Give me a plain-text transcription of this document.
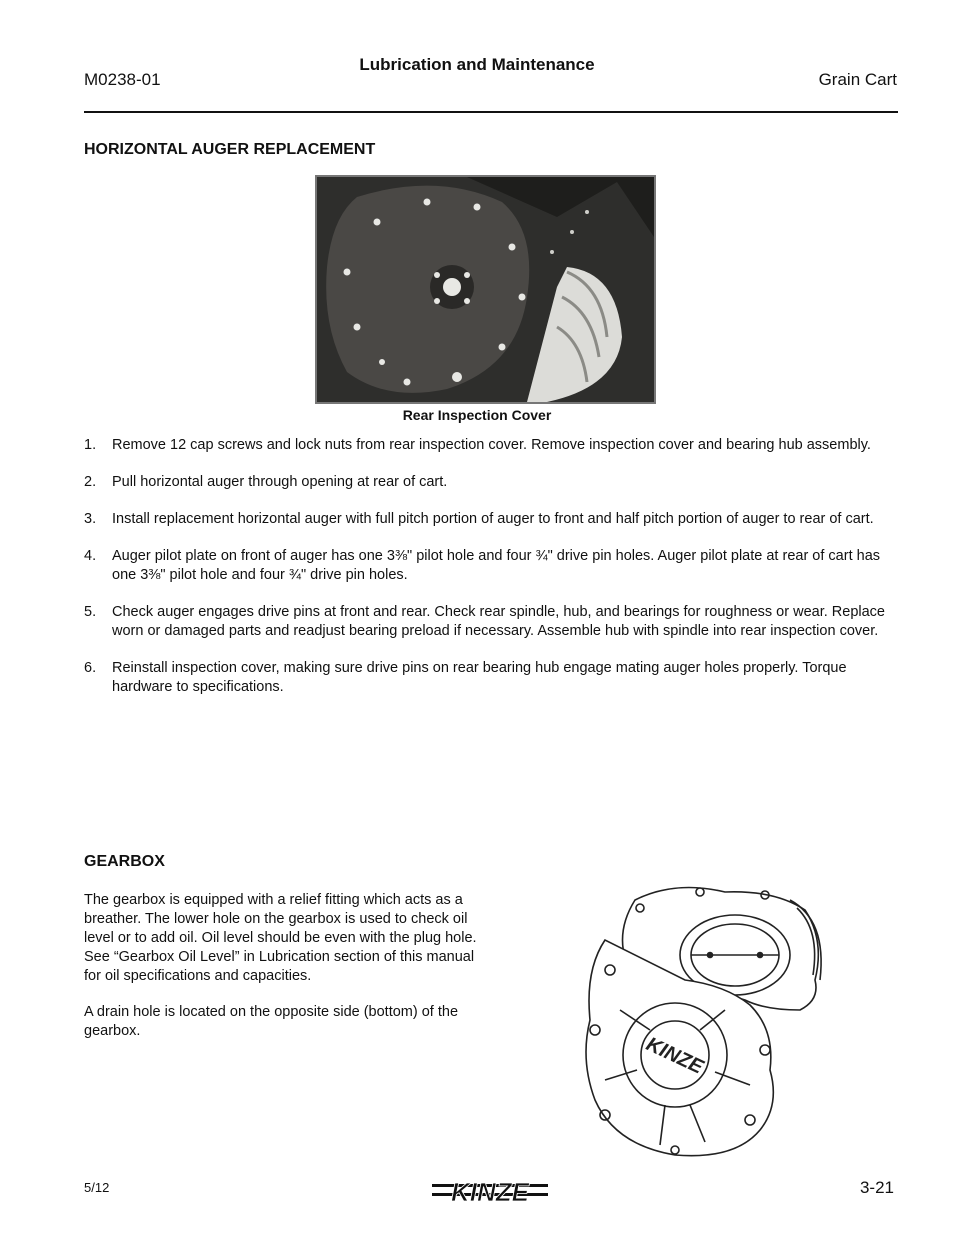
Lubrication and Maintenance
M0238-01	Grain Cart
HORIZONTAL AUGER REPLACEMENT
Rear Inspection Cover
1. Remove 12 cap screws and lock nuts from rear inspection cover. Remove inspection cover and bearing hub assembly.
2. Pull horizontal auger through opening at rear of cart.
3. Install replacement horizontal auger with full pitch portion of auger to front and half pitch portion of auger to rear of cart.
4. Auger pilot plate on front of auger has one 3⅜" pilot hole and four ¾" drive pin holes. Auger pilot plate at rear of cart has one 3⅜" pilot hole and four ¾" drive pin holes.
5. Check auger engages drive pins at front and rear. Check rear spindle, hub, and bearings for roughness or wear. Replace worn or damaged parts and readjust bearing preload if necessary. Assemble hub with spindle into rear inspection cover.
6. Reinstall inspection cover, making sure drive pins on rear bearing hub engage mating auger holes properly. Torque hardware to specifications.
GEARBOX
The gearbox is equipped with a relief fitting which acts as a breather. The lower hole on the gearbox is used to check oil level or to add oil. Oil level should be even with the plug hole. See “Gearbox Oil Level” in Lubrication section of this manual for oil specifications and capacities.
A drain hole is located on the opposite side (bottom) of the gearbox.
KINZE
5/12	KINZE	3-21
